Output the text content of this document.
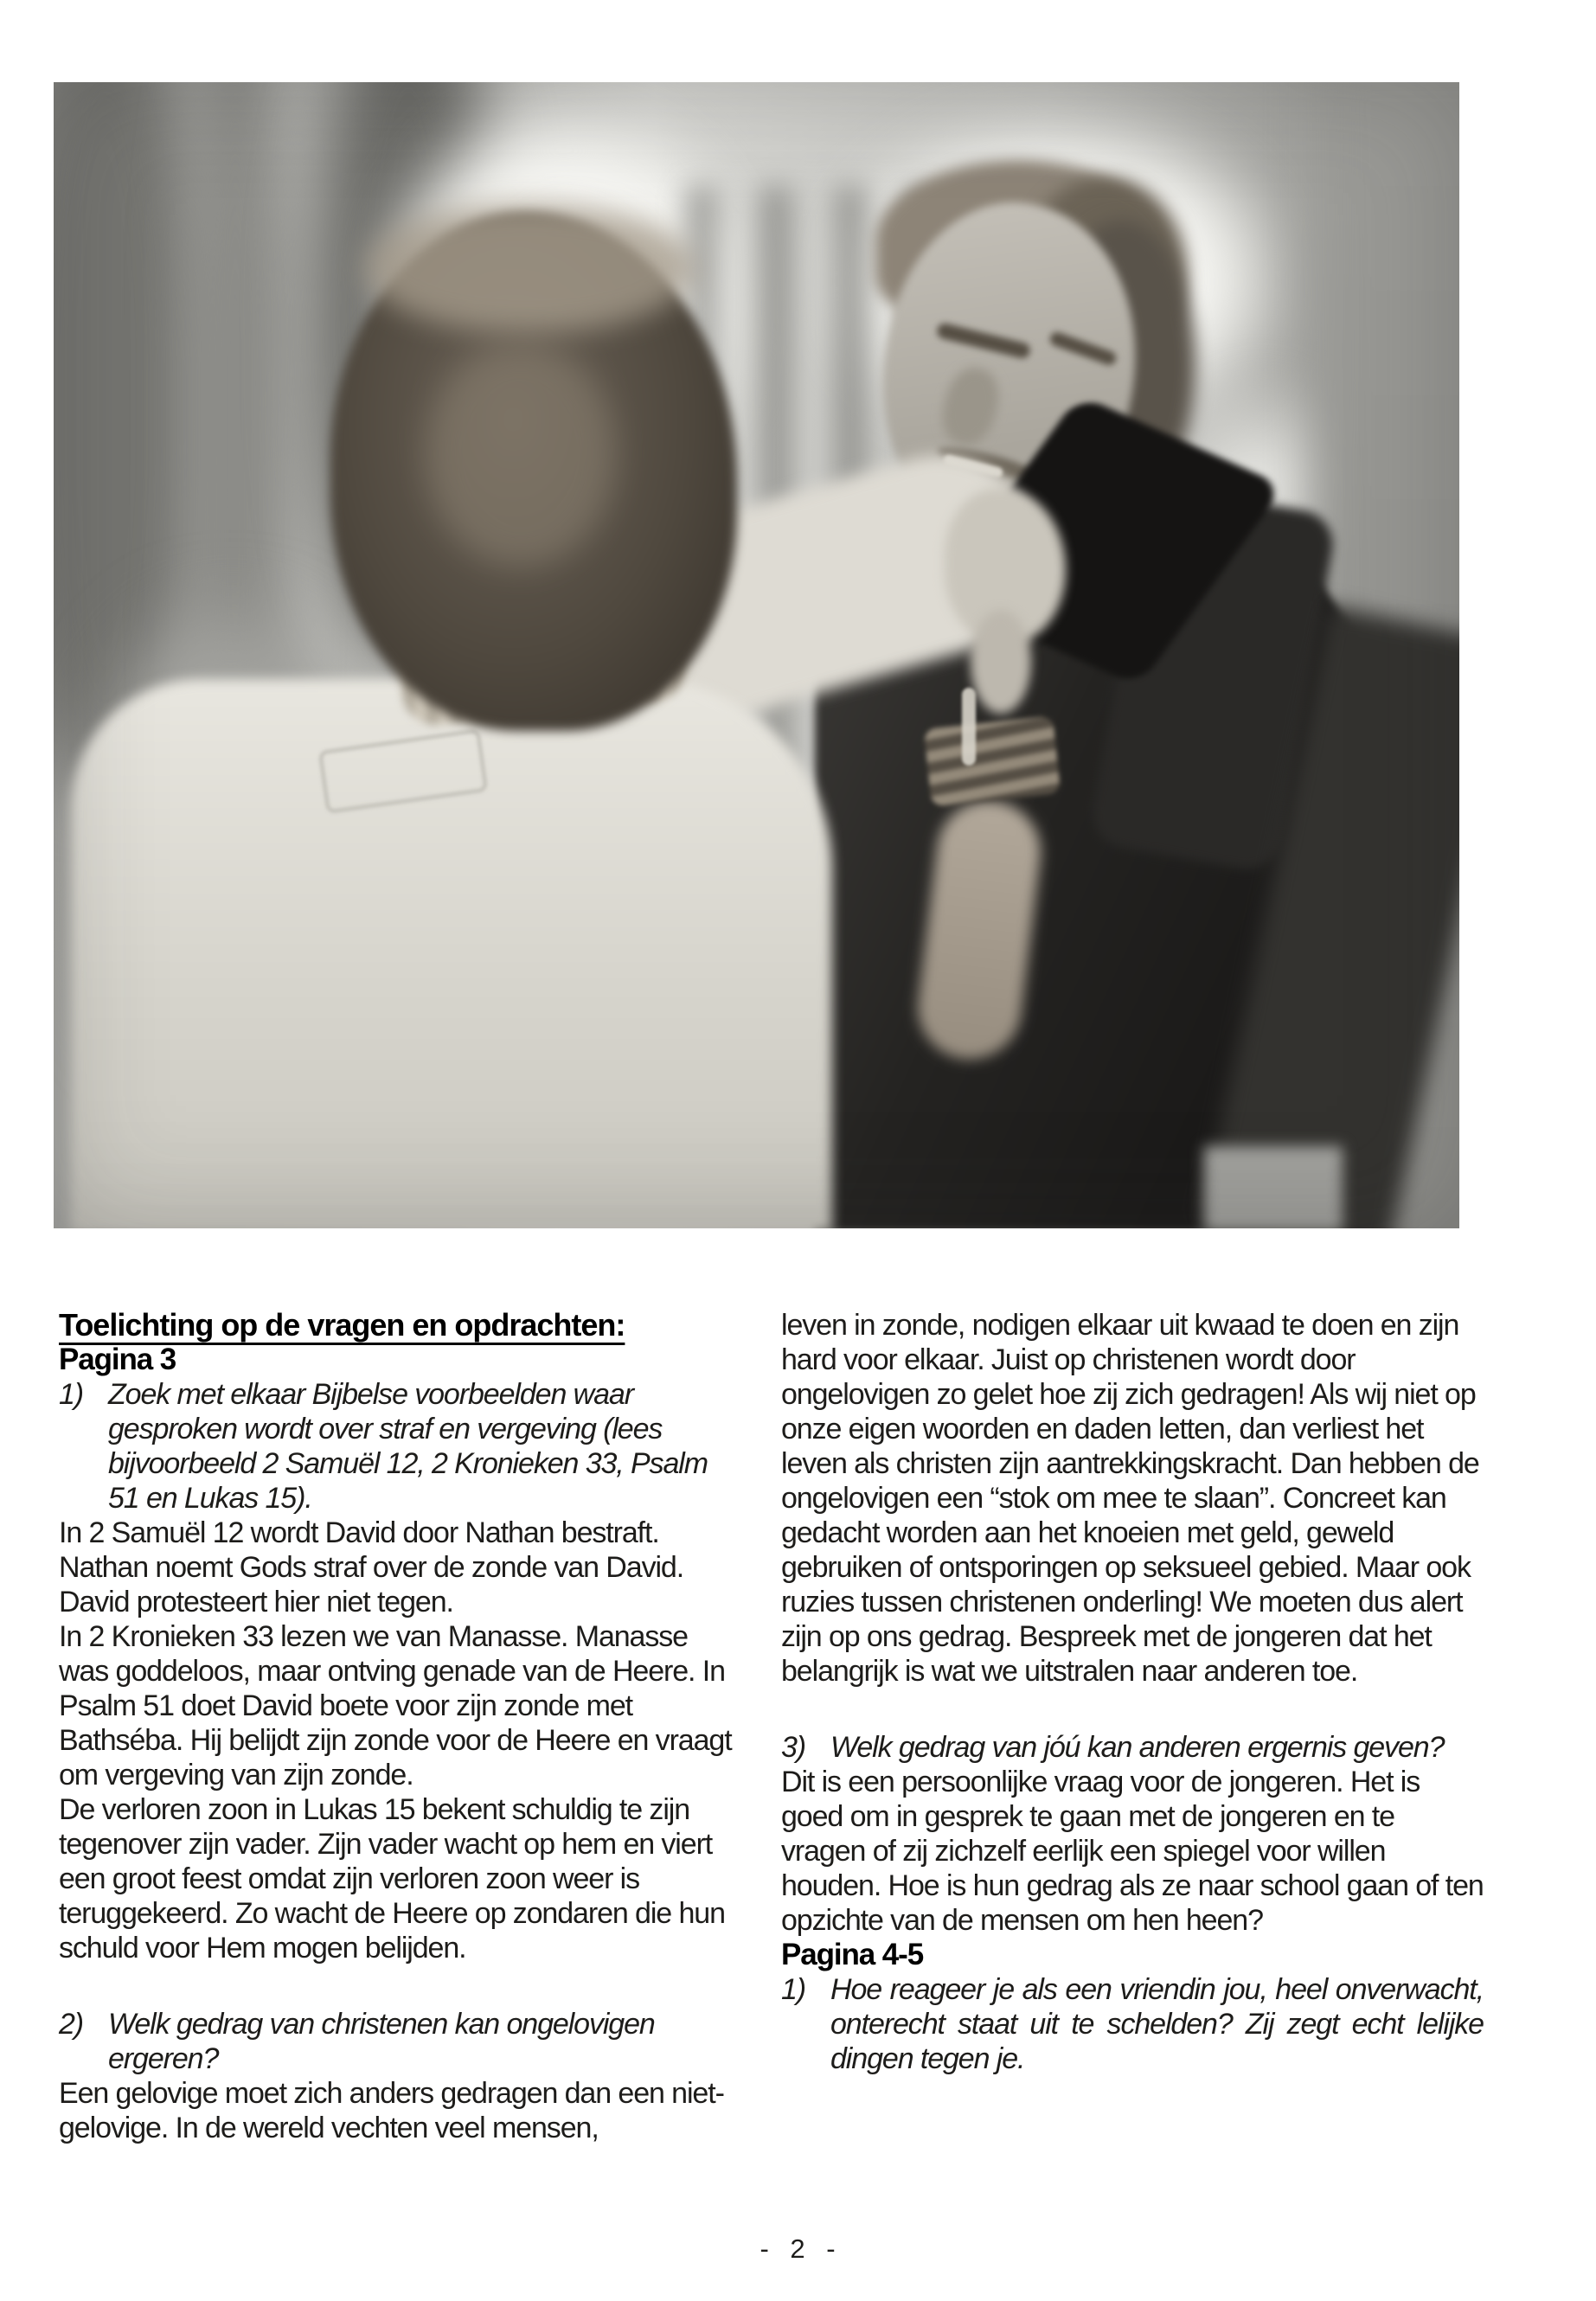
Toelichting op de vragen en opdrachten:

Pagina 3

1) Zoek met elkaar Bijbelse voorbeelden waar gesproken wordt over straf en vergeving (lees bijvoorbeeld 2 Samuël 12, 2 Kronieken 33, Psalm 51 en Lukas 15).

In 2 Samuël 12 wordt David door Nathan bestraft. Nathan noemt Gods straf over de zonde van David. David protesteert hier niet tegen.

In 2 Kronieken 33 lezen we van Manasse. Manasse was goddeloos, maar ontving genade van de Heere. In Psalm 51 doet David boete voor zijn zonde met Bathséba. Hij belijdt zijn zonde voor de Heere en vraagt om vergeving van zijn zonde.

De verloren zoon in Lukas 15 bekent schuldig te zijn tegenover zijn vader. Zijn vader wacht op hem en viert een groot feest omdat zijn verloren zoon weer is teruggekeerd. Zo wacht de Heere op zondaren die hun schuld voor Hem mogen belijden.

2) Welk gedrag van christenen kan ongelovigen ergeren?

Een gelovige moet zich anders gedragen dan een niet-gelovige. In de wereld vechten veel mensen,

leven in zonde, nodigen elkaar uit kwaad te doen en zijn hard voor elkaar. Juist op christenen wordt door ongelovigen zo gelet hoe zij zich gedragen! Als wij niet op onze eigen woorden en daden letten, dan verliest het leven als christen zijn aantrekkingskracht. Dan hebben de ongelovigen een “stok om mee te slaan”. Concreet kan gedacht worden aan het knoeien met geld, geweld gebruiken of ontsporingen op seksueel gebied. Maar ook ruzies tussen christenen onderling! We moeten dus alert zijn op ons gedrag. Bespreek met de jongeren dat het belangrijk is wat we uitstralen naar anderen toe.

3) Welk gedrag van jóú kan anderen ergernis geven?

Dit is een persoonlijke vraag voor de jongeren. Het is goed om in gesprek te gaan met de jongeren en te vragen of zij zichzelf eerlijk een spiegel voor willen houden. Hoe is hun gedrag als ze naar school gaan of ten opzichte van de mensen om hen heen?

Pagina 4-5

1) Hoe reageer je als een vriendin jou, heel onverwacht, onterecht staat uit te schelden? Zij zegt echt lelijke dingen tegen je.
- 2 -
